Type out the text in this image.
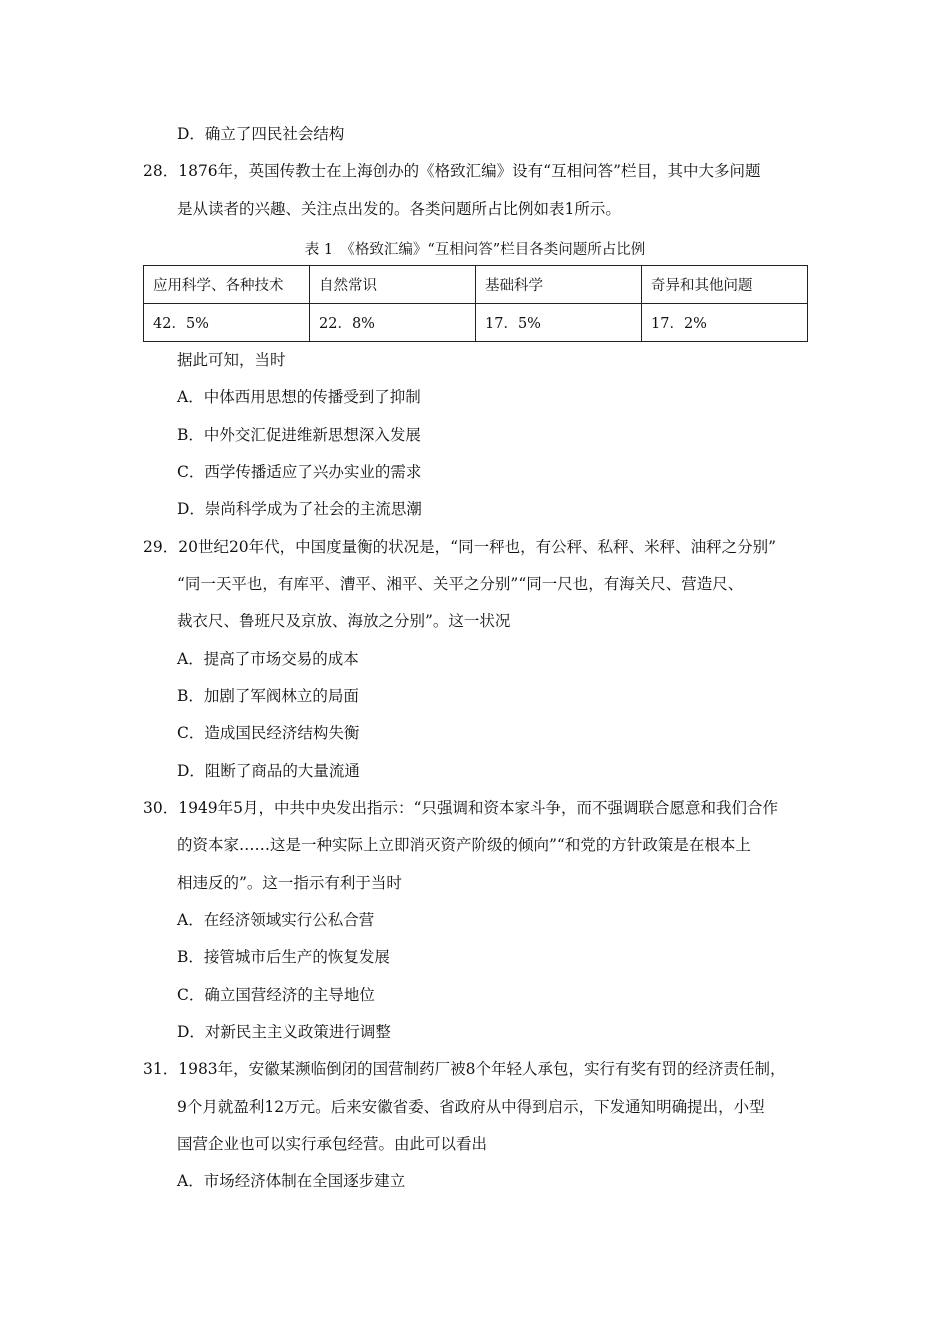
D．确立了四民社会结构
28．1876年，英国传教士在上海创办的《格致汇编》设有“互相问答”栏目，其中大多问题
是从读者的兴趣、关注点出发的。各类问题所占比例如表1所示。
表 1　《格致汇编》“互相问答”栏目各类问题所占比例
应用科学、各种技术	自然常识	基础科学	奇异和其他问题
42．5%	22．8%	17．5%	17．2%
据此可知，当时
A．中体西用思想的传播受到了抑制
B．中外交汇促进维新思想深入发展
C．西学传播适应了兴办实业的需求
D．崇尚科学成为了社会的主流思潮
29．20世纪20年代，中国度量衡的状况是，“同一秤也，有公秤、私秤、米秤、油秤之分别”
“同一天平也，有库平、漕平、湘平、关平之分别”“同一尺也，有海关尺、营造尺、
裁衣尺、鲁班尺及京放、海放之分别”。这一状况
A．提高了市场交易的成本
B．加剧了军阀林立的局面
C．造成国民经济结构失衡
D．阻断了商品的大量流通
30．1949年5月，中共中央发出指示：“只强调和资本家斗争，而不强调联合愿意和我们合作
的资本家……这是一种实际上立即消灭资产阶级的倾向”“和党的方针政策是在根本上
相违反的”。这一指示有利于当时
A．在经济领域实行公私合营
B．接管城市后生产的恢复发展
C．确立国营经济的主导地位
D．对新民主主义政策进行调整
31．1983年，安徽某濒临倒闭的国营制药厂被8个年轻人承包，实行有奖有罚的经济责任制，
9个月就盈利12万元。后来安徽省委、省政府从中得到启示，下发通知明确提出，小型
国营企业也可以实行承包经营。由此可以看出
A．市场经济体制在全国逐步建立
